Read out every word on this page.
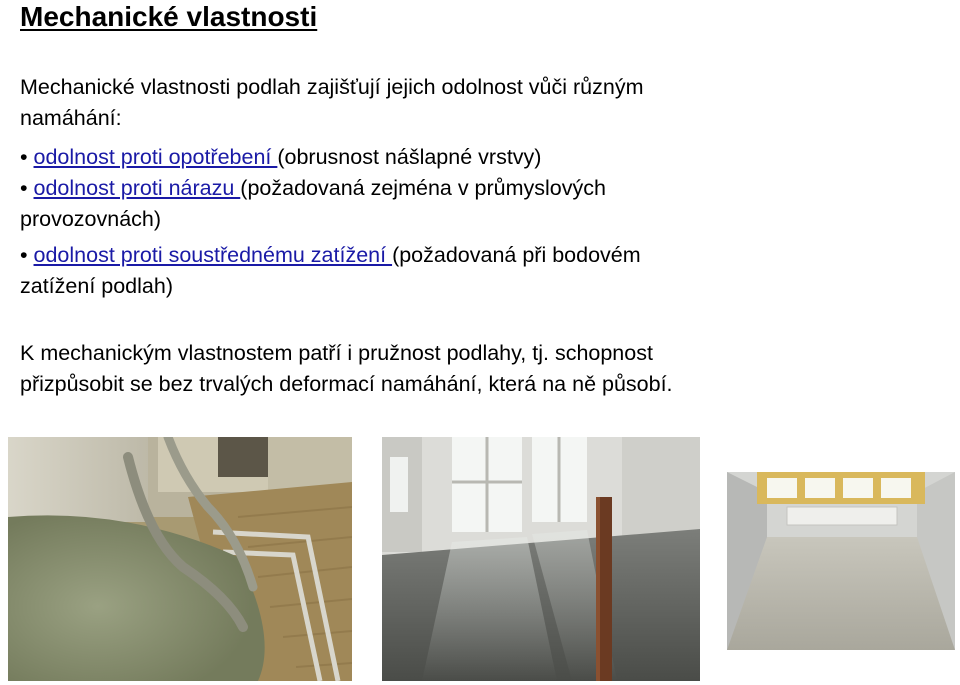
Mechanické vlastnosti
Mechanické vlastnosti podlah zajišťují jejich odolnost vůči různým
namáhání:
• odolnost proti opotřebení (obrusnost nášlapné vrstvy)
• odolnost proti nárazu (požadovaná zejména v průmyslových
provozovnách)
• odolnost proti soustřednému zatížení (požadovaná při bodovém
zatížení podlah)
K mechanickým vlastnostem patří i pružnost podlahy, tj. schopnost
přizpůsobit se bez trvalých deformací namáhání, která na ně působí.
